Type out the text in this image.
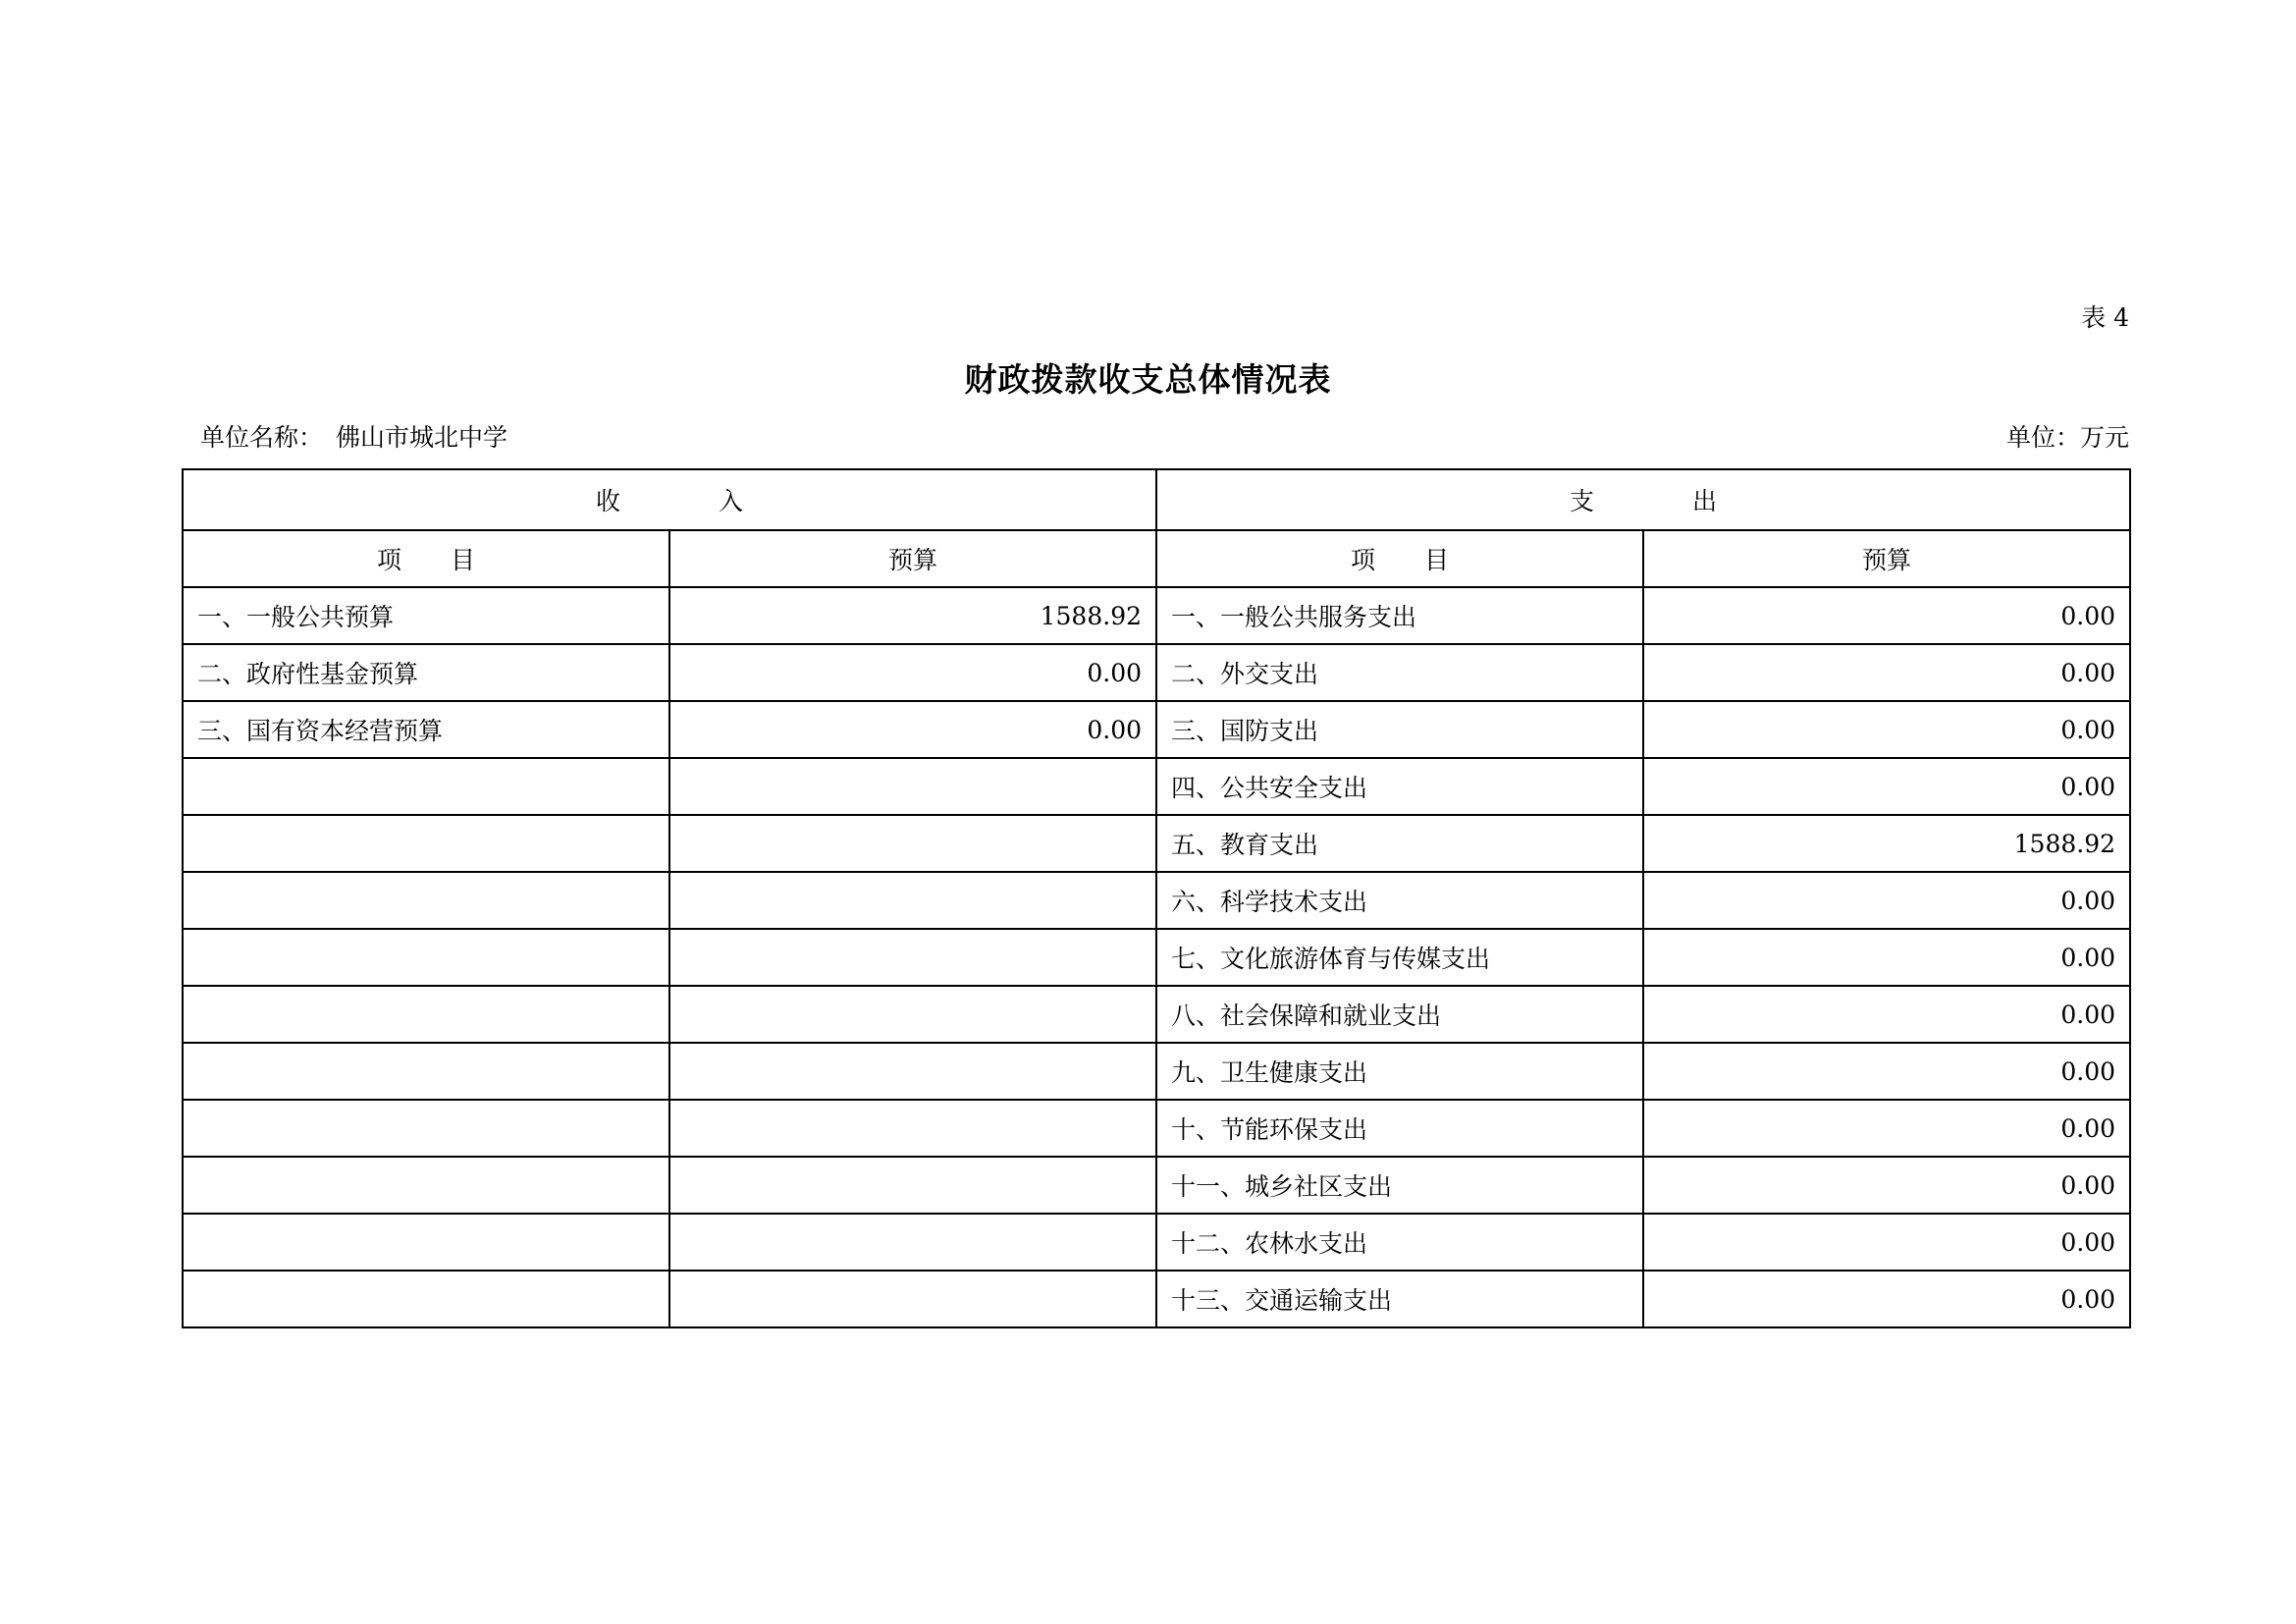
表 4
财政拨款收支总体情况表
单位名称： 佛山市城北中学	单位：万元
收　　　　入		支　　　　出	
项　　目	预算	项　　目	预算
一、一般公共预算	1588.92	一、一般公共服务支出	0.00
二、政府性基金预算	0.00	二、外交支出	0.00
三、国有资本经营预算	0.00	三、国防支出	0.00
		四、公共安全支出	0.00
		五、教育支出	1588.92
		六、科学技术支出	0.00
		七、文化旅游体育与传媒支出	0.00
		八、社会保障和就业支出	0.00
		九、卫生健康支出	0.00
		十、节能环保支出	0.00
		十一、城乡社区支出	0.00
		十二、农林水支出	0.00
		十三、交通运输支出	0.00
